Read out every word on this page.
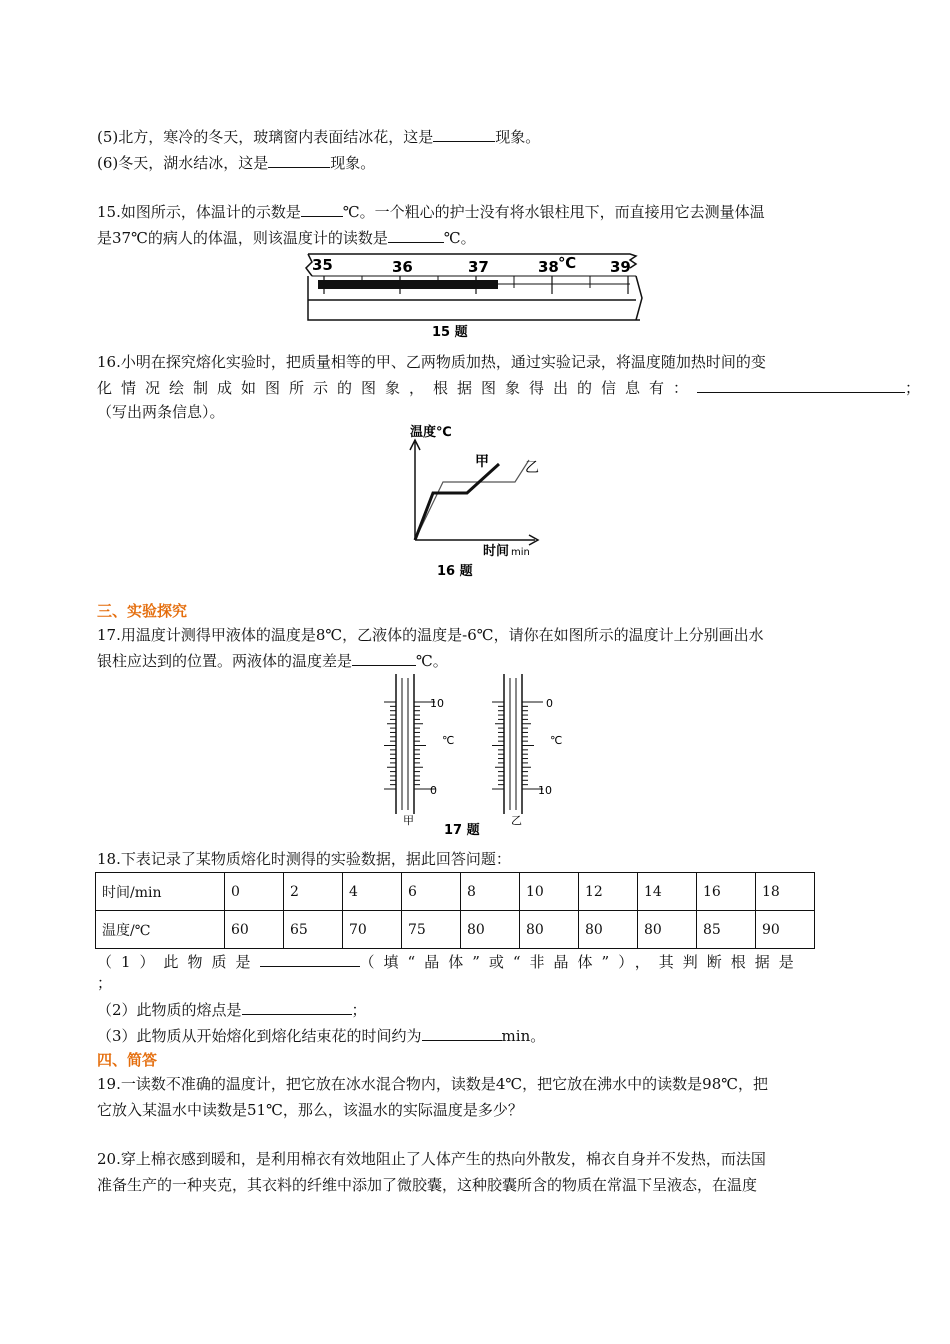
(5)北方，寒冷的冬天，玻璃窗内表面结冰花，这是	现象。
(6)冬天，湖水结冰，这是	现象。
15.如图所示，体温计的示数是	℃。一个粗心的护士没有将水银柱甩下，而直接用它去测量体温
是37℃的病人的体温，则该温度计的读数是	℃。
35	36	37	38 ℃ 39
15 题
16.小明在探究熔化实验时，把质量相等的甲、乙两物质加热，通过实验记录，将温度随加热时间的变
化情况绘制成如图所示的图象，根据图象得出的信息有：	；
（写出两条信息）。
温度℃
甲	乙
时间 min
16 题
三、实验探究
17.用温度计测得甲液体的温度是8℃，乙液体的温度是-6℃，请你在如图所示的温度计上分别画出水
银柱应达到的位置。两液体的温度差是	℃。
10
0
℃
0
10
℃
甲	乙
17 题
18.下表记录了某物质熔化时测得的实验数据，据此回答问题：
时间/min	0	2	4	6	8	10	12	14	16	18
温度/℃	60	65	70	75	80	80	80	80	85	90
（1）此物质是	（填“晶体”或“非晶体”），其判断根据是
；
（2）此物质的熔点是	；
（3）此物质从开始熔化到熔化结束花的时间约为	min。
四、简答
19.一读数不准确的温度计，把它放在冰水混合物内，读数是4℃，把它放在沸水中的读数是98℃，把
它放入某温水中读数是51℃，那么，该温水的实际温度是多少？
20.穿上棉衣感到暖和，是利用棉衣有效地阻止了人体产生的热向外散发，棉衣自身并不发热，而法国
准备生产的一种夹克，其衣料的纤维中添加了微胶囊，这种胶囊所含的物质在常温下呈液态，在温度
